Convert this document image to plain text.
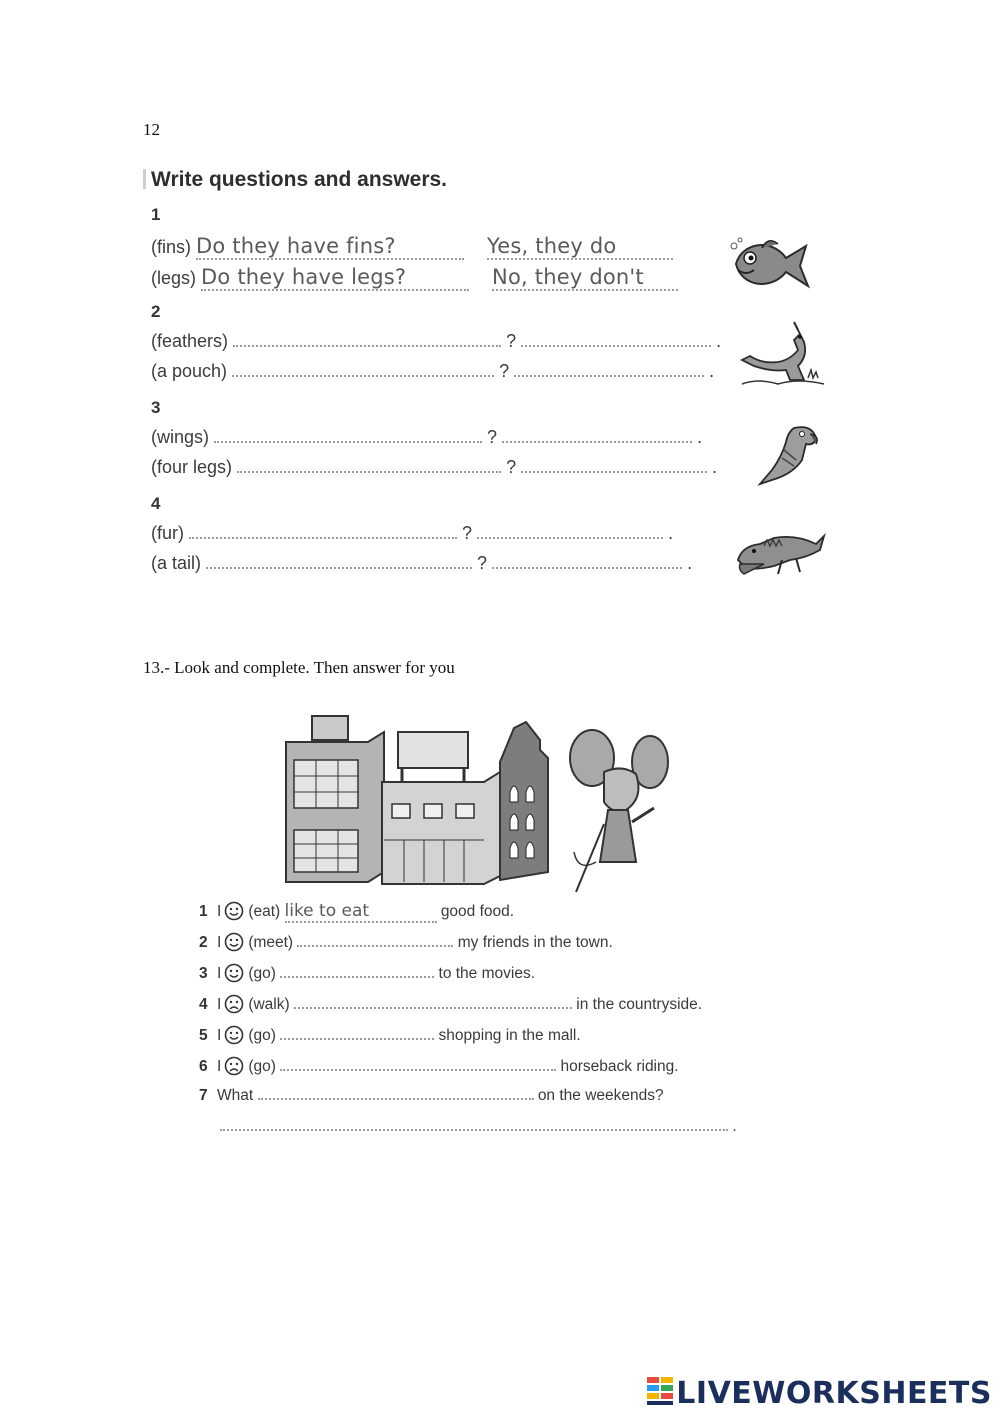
12
Write questions and answers.
1
(fins) Do they have fins?	Yes, they do
(legs) Do they have legs?	No, they don't
2
(feathers)	?	.
(a pouch)	?	.
3
(wings)	?	.
(four legs)	?	.
4
(fur)	?	.
(a tail)	?	.
13.- Look and complete. Then answer for you
1 I (eat) like to eat	good food.
2 I (meet)	my friends in the town.
3 I (go)	to the movies.
4 I (walk)	in the countryside.
5 I (go)	shopping in the mall.
6 I (go)	horseback riding.
7 What	on the weekends?
.
LIVEWORKSHEETS
